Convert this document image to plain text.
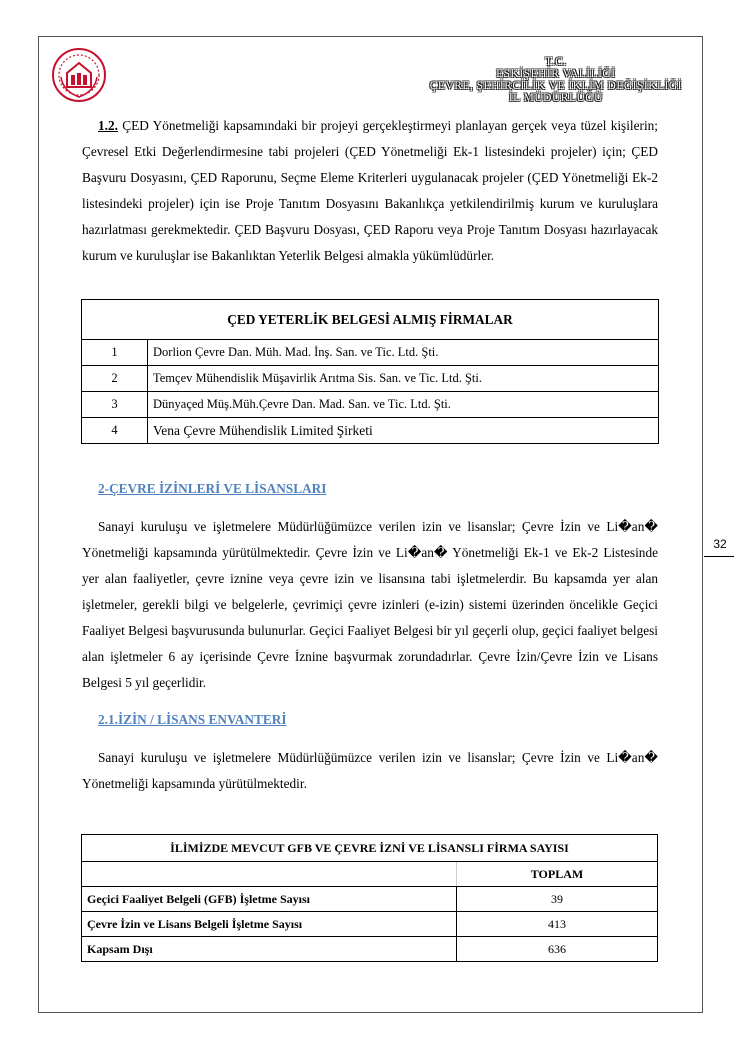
T.C.
ESKİŞEHİR VALİLİĞİ
ÇEVRE, ŞEHİRCİLİK VE İKLİM DEĞİŞİKLİĞİ
İL MÜDÜRLÜĞÜ
32

1.2. ÇED Yönetmeliği kapsamındaki bir projeyi gerçekleştirmeyi planlayan gerçek veya tüzel kişilerin; Çevresel Etki Değerlendirmesine tabi projeleri (ÇED Yönetmeliği Ek-1 listesindeki projeler) için; ÇED Başvuru Dosyasını, ÇED Raporunu, Seçme Eleme Kriterleri uygulanacak projeler (ÇED Yönetmeliği Ek-2 listesindeki projeler) için ise Proje Tanıtım Dosyasını Bakanlıkça yetkilendirilmiş kurum ve kuruluşlara hazırlatması gerekmektedir. ÇED Başvuru Dosyası, ÇED Raporu veya Proje Tanıtım Dosyası hazırlayacak kurum ve kuruluşlar ise Bakanlıktan Yeterlik Belgesi almakla yükümlüdürler.

ÇED YETERLİK BELGESİ ALMIŞ FİRMALAR	
1	Dorlion Çevre Dan. Müh. Mad. İnş. San. ve Tic. Ltd. Şti.
2	Temçev Mühendislik Müşavirlik Arıtma Sis. San. ve Tic. Ltd. Şti.
3	Dünyaçed Müş.Müh.Çevre Dan. Mad. San. ve Tic. Ltd. Şti.
4	Vena Çevre Mühendislik Limited Şirketi
2-ÇEVRE İZİNLERİ VE LİSANSLARI

Sanayi kuruluşu ve işletmelere Müdürlüğümüzce verilen izin ve lisanslar; Çevre İzin ve Li�an� Yönetmeliği kapsamında yürütülmektedir. Çevre İzin ve Li�an� Yönetmeliği Ek-1 ve Ek-2 Listesinde yer alan faaliyetler, çevre iznine veya çevre izin ve lisansına tabi işletmelerdir. Bu kapsamda yer alan işletmeler, gerekli bilgi ve belgelerle, çevrimiçi çevre izinleri (e-izin) sistemi üzerinden öncelikle Geçici Faaliyet Belgesi başvurusunda bulunurlar. Geçici Faaliyet Belgesi bir yıl geçerli olup, geçici faaliyet belgesi alan işletmeler 6 ay içerisinde Çevre İznine başvurmak zorundadırlar. Çevre İzin/Çevre İzin ve Lisans Belgesi 5 yıl geçerlidir.

2.1.İZİN / LİSANS ENVANTERİ

Sanayi kuruluşu ve işletmelere Müdürlüğümüzce verilen izin ve lisanslar; Çevre İzin ve Li�an� Yönetmeliği kapsamında yürütülmektedir.

İLİMİZDE MEVCUT GFB VE ÇEVRE İZNİ VE LİSANSLI FİRMA SAYISI	
	TOPLAM
Geçici Faaliyet Belgeli (GFB) İşletme Sayısı	39
Çevre İzin ve Lisans Belgeli İşletme Sayısı	413
Kapsam Dışı	636
